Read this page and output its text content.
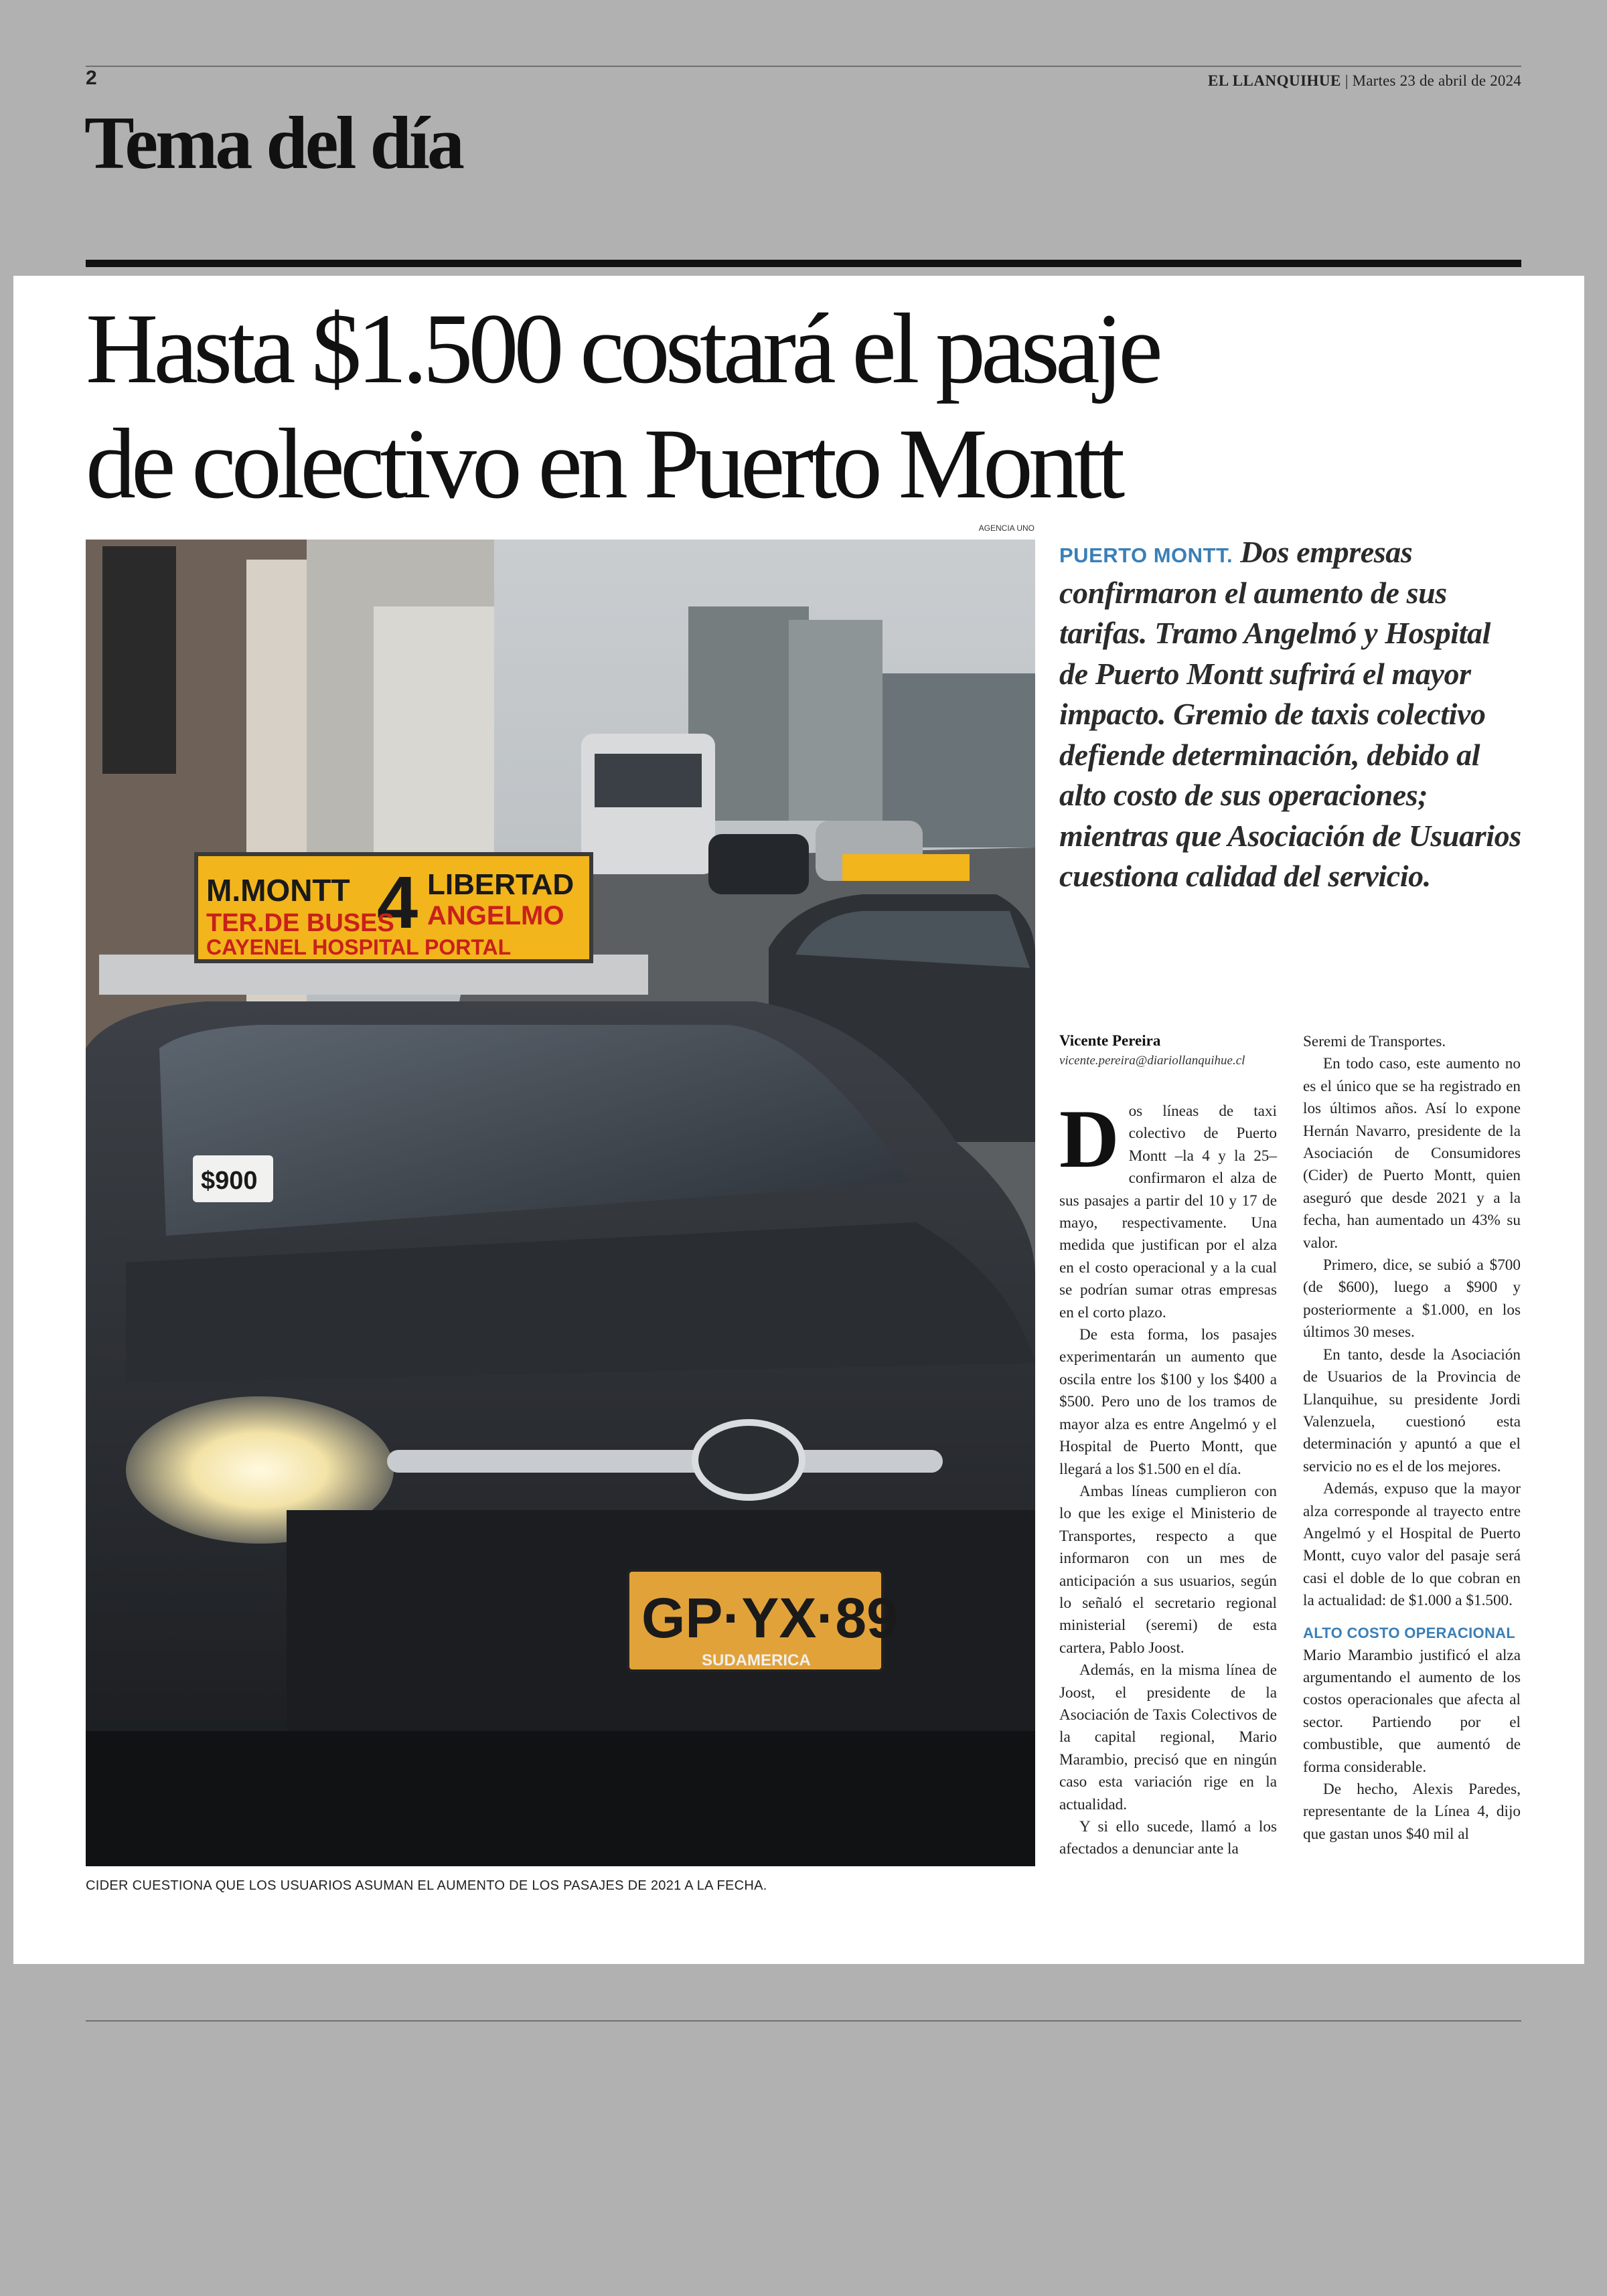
2	EL LLANQUIHUE | Martes 23 de abril de 2024
Tema del día
Hasta $1.500 costará el pasaje
de colectivo en Puerto Montt
AGENCIA UNO
M.MONTT 4 LIBERTAD
TER.DE BUSES ANGELMO
CAYENEL HOSPITAL PORTAL
$900
GP·YX·89
SUDAMERICA
CIDER CUESTIONA QUE LOS USUARIOS ASUMAN EL AUMENTO DE LOS PASAJES DE 2021 A LA FECHA.

PUERTO MONTT. Dos empresas confirmaron el aumento de sus tarifas. Tramo Angelmó y Hospital de Puerto Montt sufrirá el mayor impacto. Gremio de taxis colectivo defiende determinación, debido al alto costo de sus operaciones; mientras que Asociación de Usuarios cuestiona calidad del servicio.

Vicente Pereira
vicente.pereira@diariollanquihue.cl

Dos líneas de taxi colectivo de Puerto Montt –la 4 y la 25– confirmaron el alza de sus pasajes a partir del 10 y 17 de mayo, respectivamente. Una medida que justifican por el alza en el costo operacional y a la cual se podrían sumar otras empresas en el corto plazo.

De esta forma, los pasajes experimentarán un aumento que oscila entre los $100 y los $400 a $500. Pero uno de los tramos de mayor alza es entre Angelmó y el Hospital de Puerto Montt, que llegará a los $1.500 en el día.

Ambas líneas cumplieron con lo que les exige el Ministerio de Transportes, respecto a que informaron con un mes de anticipación a sus usuarios, según lo señaló el secretario regional ministerial (seremi) de esta cartera, Pablo Joost.

Además, en la misma línea de Joost, el presidente de la Asociación de Taxis Colectivos de la capital regional, Mario Marambio, precisó que en ningún caso esta variación rige en la actualidad.

Y si ello sucede, llamó a los afectados a denunciar ante la

Seremi de Transportes.

En todo caso, este aumento no es el único que se ha registrado en los últimos años. Así lo expone Hernán Navarro, presidente de la Asociación de Consumidores (Cider) de Puerto Montt, quien aseguró que desde 2021 y a la fecha, han aumentado un 43% su valor.

Primero, dice, se subió a $700 (de $600), luego a $900 y posteriormente a $1.000, en los últimos 30 meses.

En tanto, desde la Asociación de Usuarios de la Provincia de Llanquihue, su presidente Jordi Valenzuela, cuestionó esta determinación y apuntó a que el servicio no es el de los mejores.

Además, expuso que la mayor alza corresponde al trayecto entre Angelmó y el Hospital de Puerto Montt, cuyo valor del pasaje será casi el doble de lo que cobran en la actualidad: de $1.000 a $1.500.

ALTO COSTO OPERACIONAL

Mario Marambio justificó el alza argumentando el aumento de los costos operacionales que afecta al sector. Partiendo por el combustible, que aumentó de forma considerable.

De hecho, Alexis Paredes, representante de la Línea 4, dijo que gastan unos $40 mil al
